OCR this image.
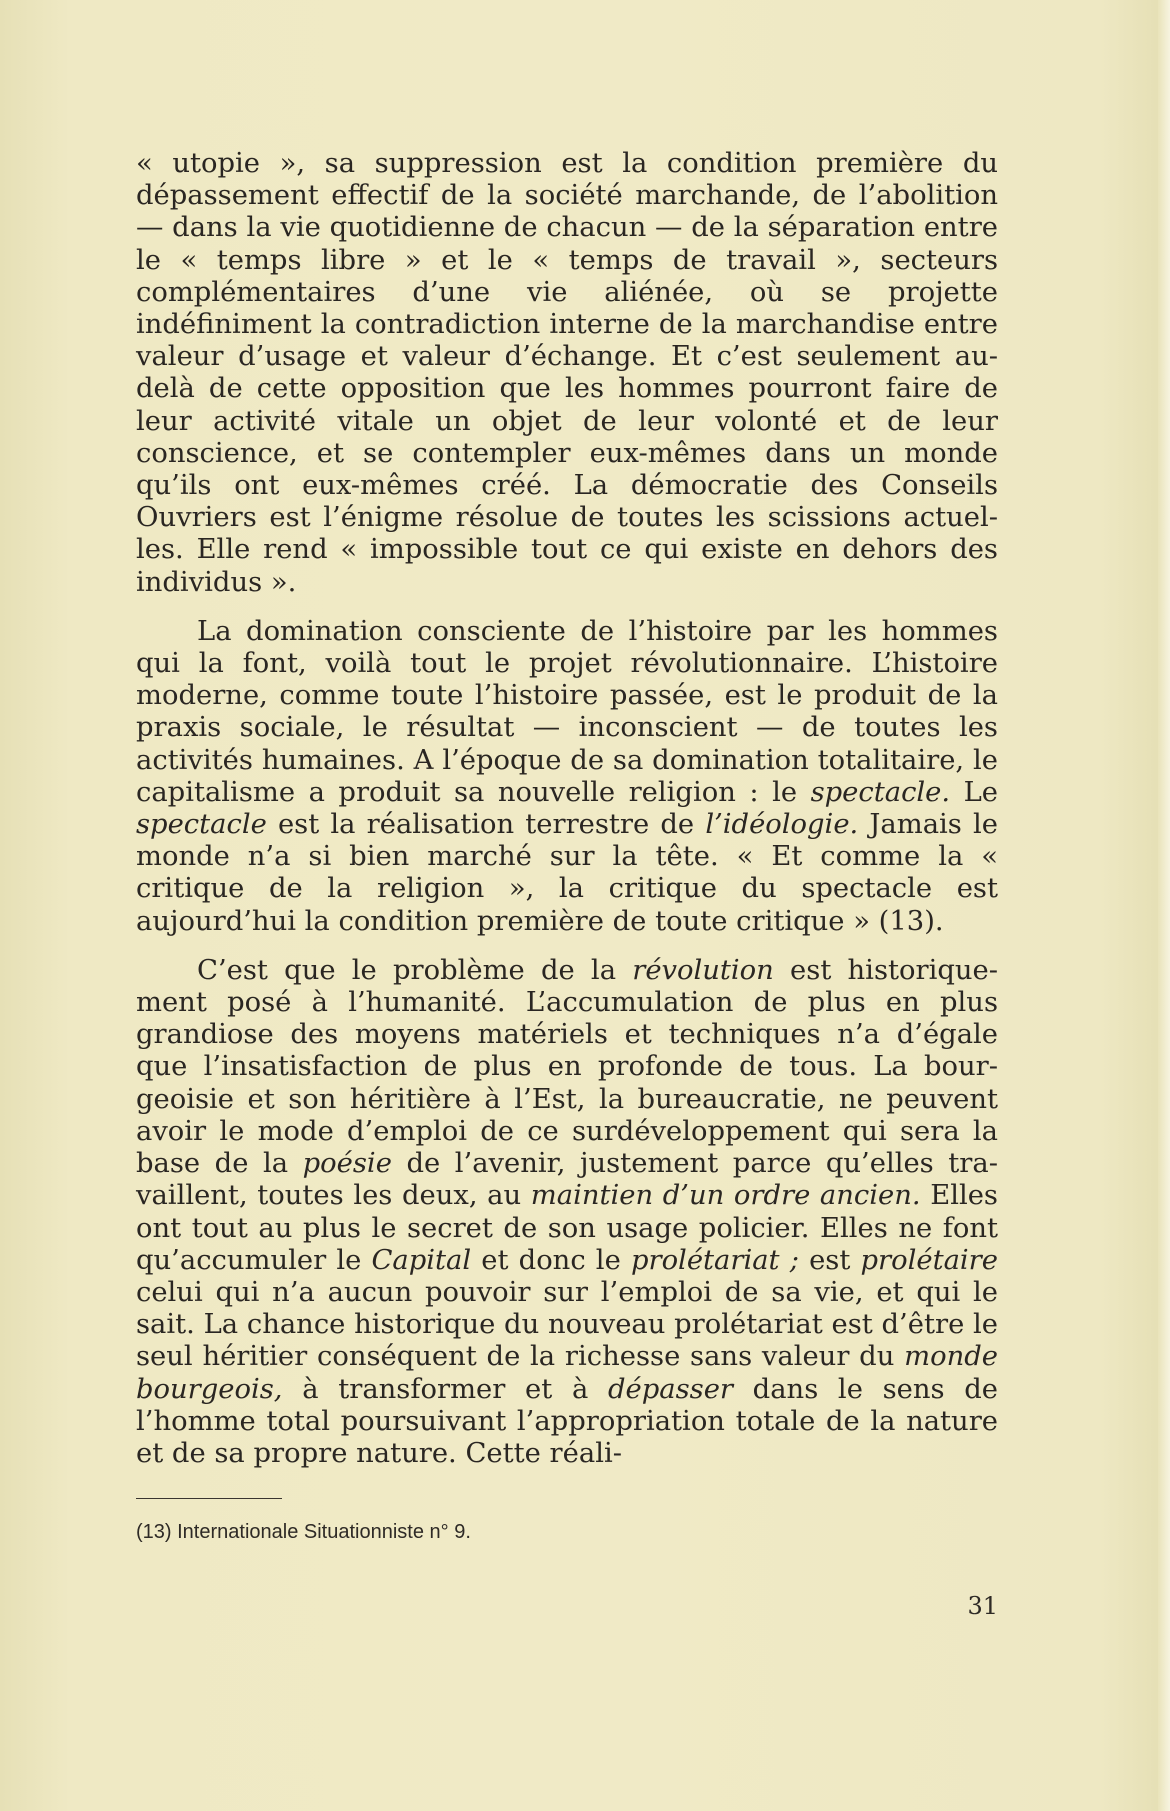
« utopie », sa suppression est la condition première du dépassement effectif de la société marchande, de l’abolition — dans la vie quotidienne de chacun — de la séparation entre le « temps libre » et le « temps de travail », secteurs complémentaires d’une vie aliénée, où se projette indéfiniment la contradiction interne de la marchandise entre valeur d’usage et valeur d’échange. Et c’est seulement au-delà de cette opposition que les hommes pourront faire de leur activité vitale un objet de leur volonté et de leur conscience, et se contempler eux-mêmes dans un monde qu’ils ont eux-mêmes créé. La démocratie des Conseils Ouvriers est l’énigme résolue de toutes les scissions actuelles. Elle rend « impossible tout ce qui existe en dehors des individus ».

La domination consciente de l’histoire par les hommes qui la font, voilà tout le projet révolutionnaire. L’histoire moderne, comme toute l’histoire passée, est le produit de la praxis sociale, le résultat — inconscient — de toutes les activités humaines. A l’époque de sa domination totalitaire, le capitalisme a produit sa nouvelle religion : le spectacle. Le spectacle est la réalisation terrestre de l’idéologie. Jamais le monde n’a si bien marché sur la tête. « Et comme la « critique de la religion », la critique du spectacle est aujourd’hui la condition première de toute critique » (13).

C’est que le problème de la révolution est historiquement posé à l’humanité. L’accumulation de plus en plus grandiose des moyens matériels et techniques n’a d’égale que l’insatisfaction de plus en profonde de tous. La bourgeoisie et son héritière à l’Est, la bureaucratie, ne peuvent avoir le mode d’emploi de ce surdéveloppement qui sera la base de la poésie de l’avenir, justement parce qu’elles travaillent, toutes les deux, au maintien d’un ordre ancien. Elles ont tout au plus le secret de son usage policier. Elles ne font qu’accumuler le Capital et donc le prolétariat ; est prolétaire celui qui n’a aucun pouvoir sur l’emploi de sa vie, et qui le sait. La chance historique du nouveau prolétariat est d’être le seul héritier conséquent de la richesse sans valeur du monde bourgeois, à transformer et à dépasser dans le sens de l’homme total poursuivant l’appropriation totale de la nature et de sa propre nature. Cette réali-

(13) Internationale Situationniste n° 9.
31
